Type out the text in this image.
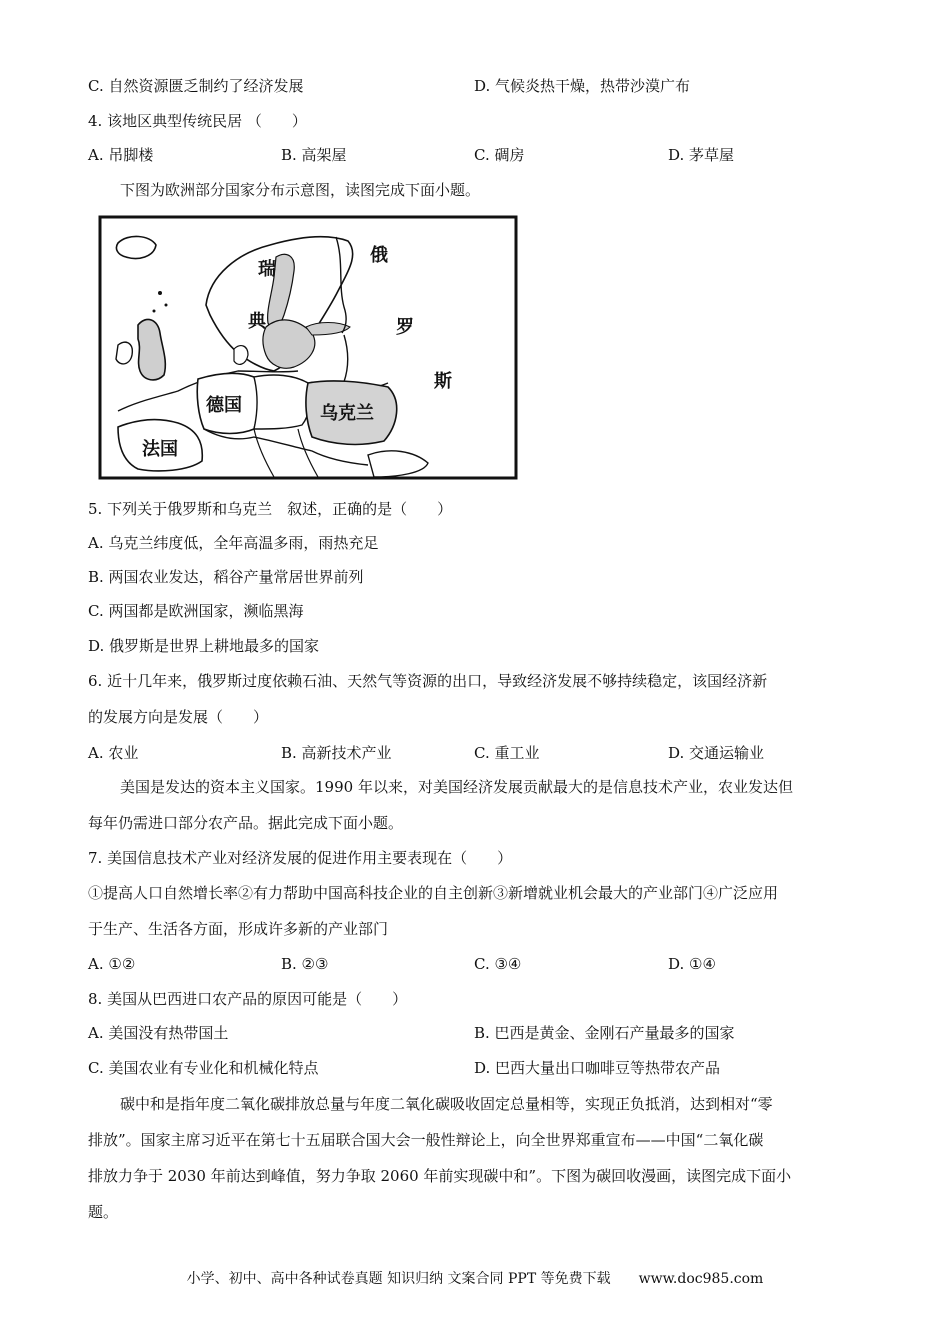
C. 自然资源匮乏制约了经济发展	D. 气候炎热干燥，热带沙漠广布
4. 该地区典型传统民居 （　　）
A. 吊脚楼	B. 高架屋	C. 碉房	D. 茅草屋
下图为欧洲部分国家分布示意图，读图完成下面小题。
瑞
典
俄
罗
斯
德国
法国
乌克兰
5. 下列关于俄罗斯和乌克兰　叙述，正确的是（　　）
A. 乌克兰纬度低，全年高温多雨，雨热充足
B. 两国农业发达，稻谷产量常居世界前列
C. 两国都是欧洲国家，濒临黑海
D. 俄罗斯是世界上耕地最多的国家
6. 近十几年来，俄罗斯过度依赖石油、天然气等资源的出口，导致经济发展不够持续稳定，该国经济新
的发展方向是发展（　　）
A. 农业	B. 高新技术产业	C. 重工业	D. 交通运输业
美国是发达的资本主义国家。1990 年以来，对美国经济发展贡献最大的是信息技术产业，农业发达但
每年仍需进口部分农产品。据此完成下面小题。
7. 美国信息技术产业对经济发展的促进作用主要表现在（　　）
①提高人口自然增长率②有力帮助中国高科技企业的自主创新③新增就业机会最大的产业部门④广泛应用
于生产、生活各方面，形成许多新的产业部门
A. ①②	B. ②③	C. ③④	D. ①④
8. 美国从巴西进口农产品的原因可能是（　　）
A. 美国没有热带国土	B. 巴西是黄金、金刚石产量最多的国家
C. 美国农业有专业化和机械化特点	D. 巴西大量出口咖啡豆等热带农产品
碳中和是指年度二氧化碳排放总量与年度二氧化碳吸收固定总量相等，实现正负抵消，达到相对“零
排放”。国家主席习近平在第七十五届联合国大会一般性辩论上，向全世界郑重宣布——中国“二氧化碳
排放力争于 2030 年前达到峰值，努力争取 2060 年前实现碳中和”。下图为碳回收漫画，读图完成下面小
题。
小学、初中、高中各种试卷真题 知识归纳 文案合同 PPT 等免费下载　　www.doc985.com
